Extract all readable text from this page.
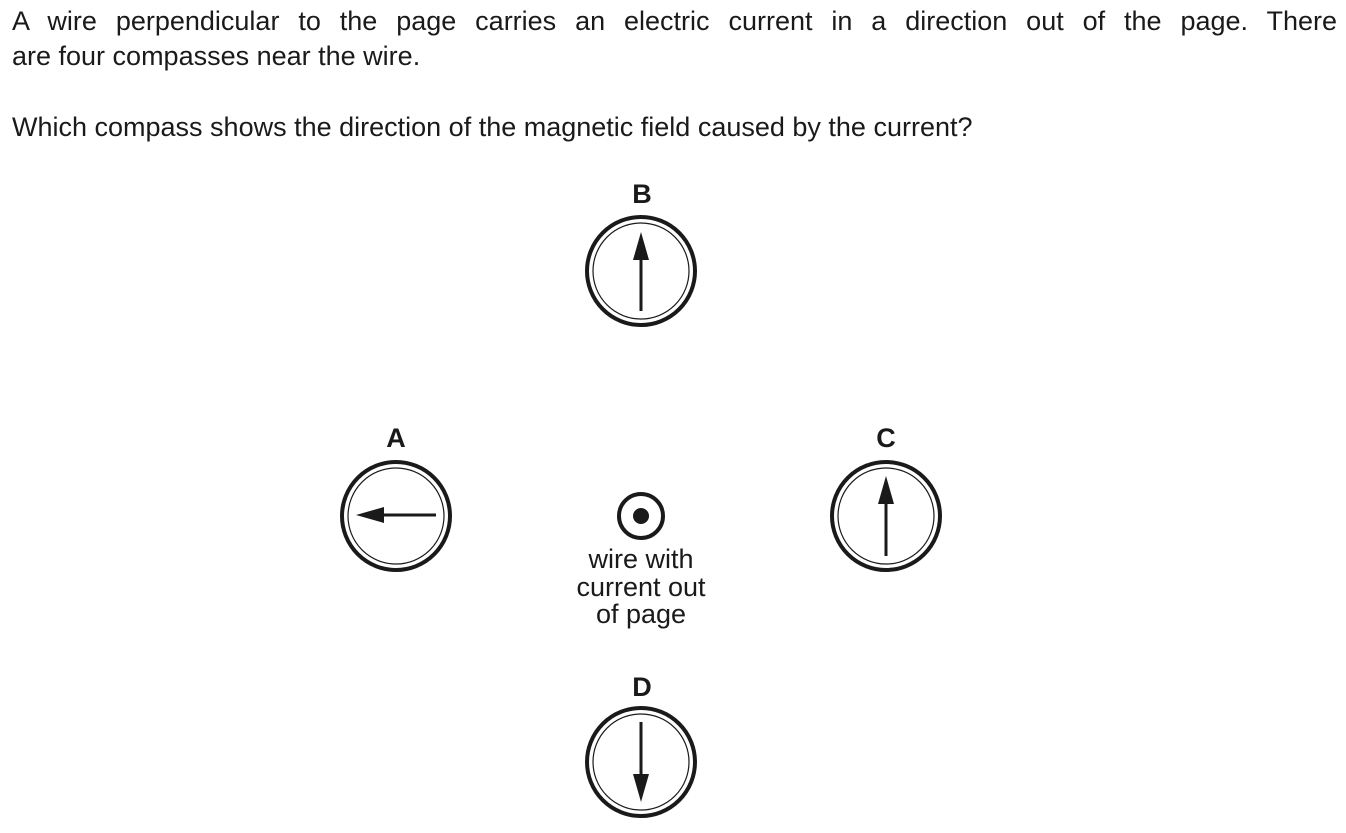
A wire perpendicular to the page carries an electric current in a direction out of the page. There
are four compasses near the wire.

Which compass shows the direction of the magnetic field caused by the current?

B
A	C
D
wire with
current out
of page
